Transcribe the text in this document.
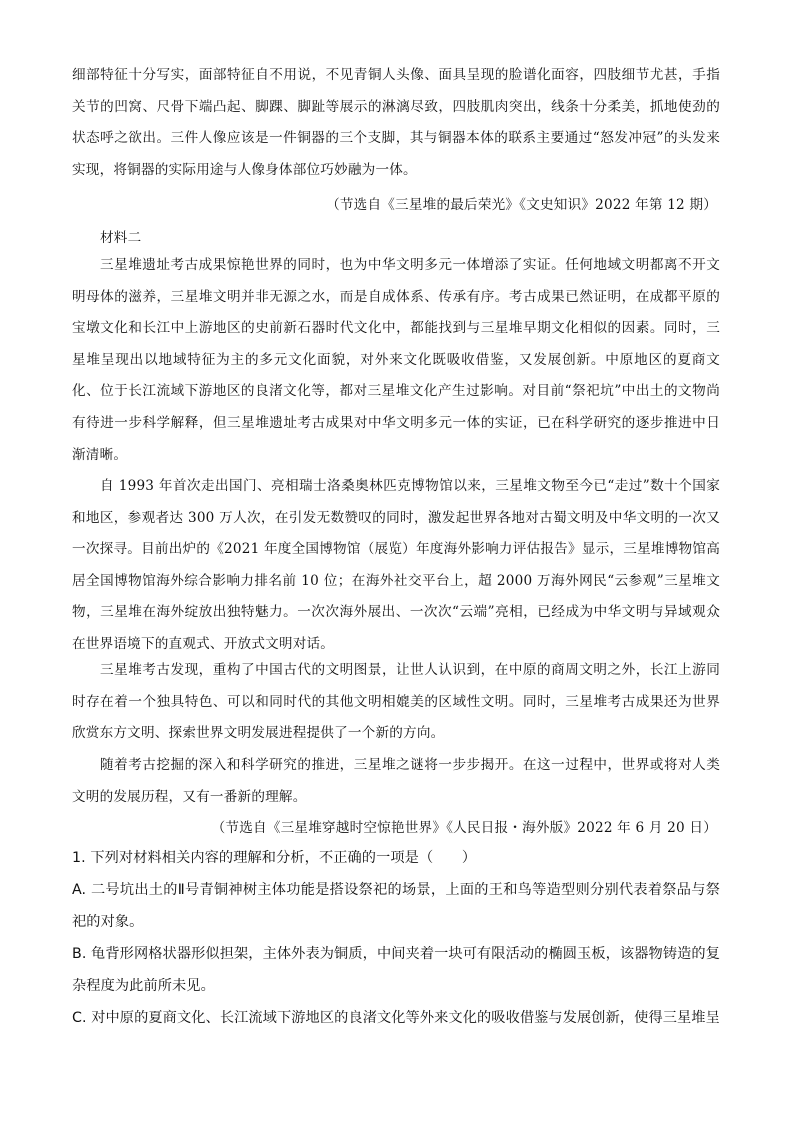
细部特征十分写实，面部特征自不用说，不见青铜人头像、面具呈现的脸谱化面容，四肢细节尤甚，手指关节的凹窝、尺骨下端凸起、脚踝、脚趾等展示的淋漓尽致，四肢肌肉突出，线条十分柔美，抓地使劲的状态呼之欲出。三件人像应该是一件铜器的三个支脚，其与铜器本体的联系主要通过“怒发冲冠”的头发来实现，将铜器的实际用途与人像身体部位巧妙融为一体。

（节选自《三星堆的最后荣光》《文史知识》2022 年第 12 期）
材料二

三星堆遗址考古成果惊艳世界的同时，也为中华文明多元一体增添了实证。任何地域文明都离不开文明母体的滋养，三星堆文明并非无源之水，而是自成体系、传承有序。考古成果已然证明，在成都平原的宝墩文化和长江中上游地区的史前新石器时代文化中，都能找到与三星堆早期文化相似的因素。同时，三星堆呈现出以地域特征为主的多元文化面貌，对外来文化既吸收借鉴，又发展创新。中原地区的夏商文化、位于长江流域下游地区的良渚文化等，都对三星堆文化产生过影响。对目前“祭祀坑”中出土的文物尚有待进一步科学解释，但三星堆遗址考古成果对中华文明多元一体的实证，已在科学研究的逐步推进中日渐清晰。

自 1993 年首次走出国门、亮相瑞士洛桑奥林匹克博物馆以来，三星堆文物至今已“走过”数十个国家和地区，参观者达 300 万人次，在引发无数赞叹的同时，激发起世界各地对古蜀文明及中华文明的一次又一次探寻。目前出炉的《2021 年度全国博物馆（展览）年度海外影响力评估报告》显示，三星堆博物馆高居全国博物馆海外综合影响力排名前 10 位；在海外社交平台上，超 2000 万海外网民“云参观”三星堆文物，三星堆在海外绽放出独特魅力。一次次海外展出、一次次“云端”亮相，已经成为中华文明与异域观众在世界语境下的直观式、开放式文明对话。

三星堆考古发现，重构了中国古代的文明图景，让世人认识到，在中原的商周文明之外，长江上游同时存在着一个独具特色、可以和同时代的其他文明相媲美的区域性文明。同时，三星堆考古成果还为世界欣赏东方文明、探索世界文明发展进程提供了一个新的方向。

随着考古挖掘的深入和科学研究的推进，三星堆之谜将一步步揭开。在这一过程中，世界或将对人类文明的发展历程，又有一番新的理解。

（节选自《三星堆穿越时空惊艳世界》《人民日报・海外版》2022 年 6 月 20 日）
1. 下列对材料相关内容的理解和分析，不正确的一项是（　　）

A. 二号坑出土的Ⅱ号青铜神树主体功能是搭设祭祀的场景，上面的王和鸟等造型则分别代表着祭品与祭祀的对象。

B. 龟背形网格状器形似担架，主体外表为铜质，中间夹着一块可有限活动的椭圆玉板，该器物铸造的复杂程度为此前所未见。

C. 对中原的夏商文化、长江流域下游地区的良渚文化等外来文化的吸收借鉴与发展创新，使得三星堆呈
